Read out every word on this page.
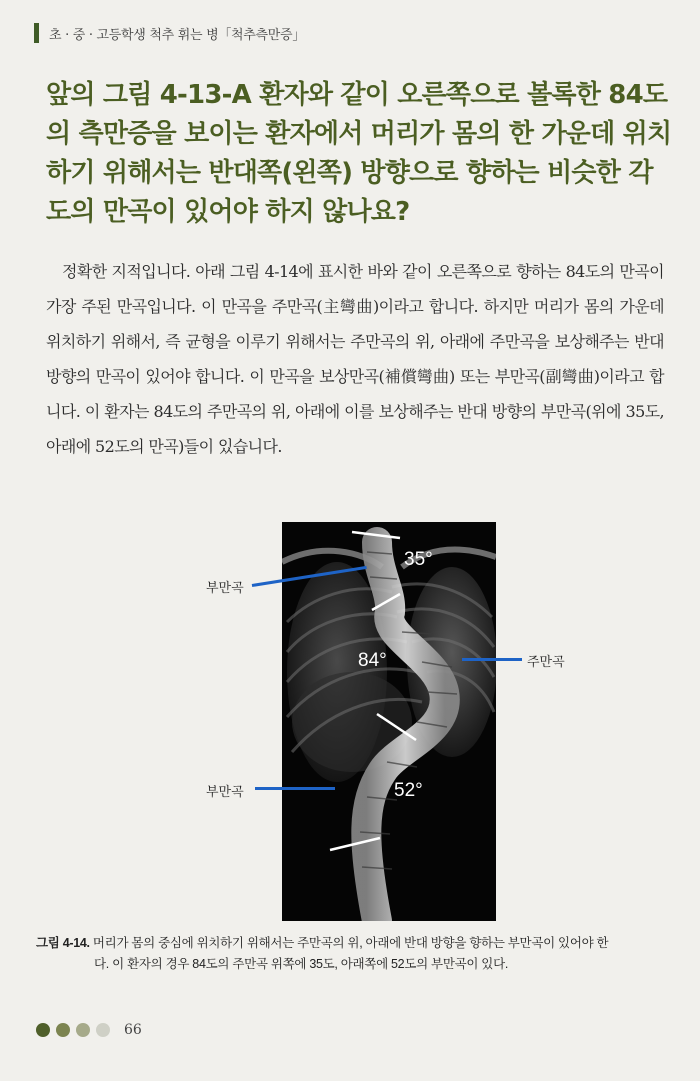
초 · 중 · 고등학생 척추 휘는 병「척추측만증」

앞의 그림 4-13-A 환자와 같이 오른쪽으로 볼록한 84도의 측만증을 보이는 환자에서 머리가 몸의 한 가운데 위치하기 위해서는 반대쪽(왼쪽) 방향으로 향하는 비슷한 각도의 만곡이 있어야 하지 않나요?

정확한 지적입니다. 아래 그림 4-14에 표시한 바와 같이 오른쪽으로 향하는 84도의 만곡이 가장 주된 만곡입니다. 이 만곡을 주만곡(主彎曲)이라고 합니다. 하지만 머리가 몸의 가운데 위치하기 위해서, 즉 균형을 이루기 위해서는 주만곡의 위, 아래에 주만곡을 보상해주는 반대 방향의 만곡이 있어야 합니다. 이 만곡을 보상만곡(補償彎曲) 또는 부만곡(副彎曲)이라고 합니다. 이 환자는 84도의 주만곡의 위, 아래에 이를 보상해주는 반대 방향의 부만곡(위에 35도, 아래에 52도의 만곡)들이 있습니다.

35°
84°
52°
부만곡
주만곡
부만곡

그림 4-14. 머리가 몸의 중심에 위치하기 위해서는 주만곡의 위, 아래에 반대 방향을 향하는 부만곡이 있어야 한
다. 이 환자의 경우 84도의 주만곡 위쪽에 35도, 아래쪽에 52도의 부만곡이 있다.

66
